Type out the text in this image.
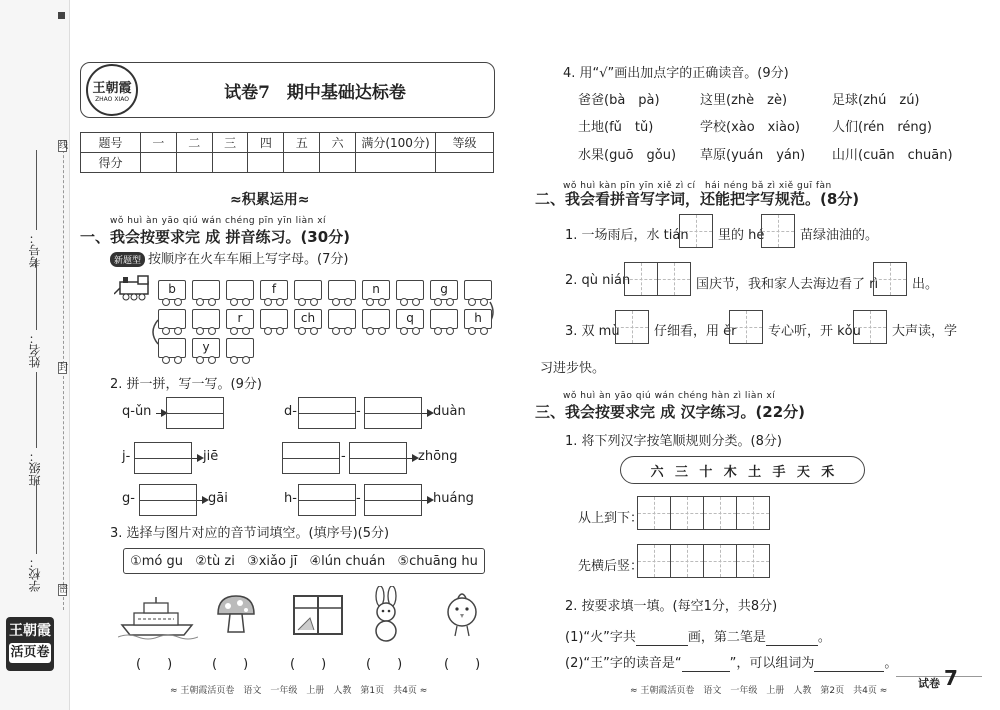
线
封
密
考号：
姓名：
班级：
学校：
王朝霞
活页卷
王朝霞
ZHAO XIAO	试卷7　期中基础达标卷
题号	一	二	三	四	五	六	满分(100分)	等级
得分								
≈积累运用≈
wǒ huì àn yāo qiú wán chéng pīn yīn liàn xí
一、我会按要求完 成 拼音练习。(30分)
新题型 按顺序在火车车厢上写字母。(7分)
b	f	n	g
r	ch	q	h
y
2. 拼一拼，写一写。(9分)
q-ǔn	d-	-	duàn
j-	jiē	-	zhōng
g-	gāi	h-	-	huáng
3. 选择与图片对应的音节词填空。(填序号)(5分)
①mó gu ②tù zi ③xiǎo jī ④lún chuán ⑤chuāng hu
(　　)	(　　)	(　　)	(　　)	(　　)
≈ 王朝霞活页卷　语文　一年级　上册　人教　第1页　共4页 ≈
4. 用“√”画出加点字的正确读音。(9分)
爸爸(bà　pà)	这里(zhè　zè)	足球(zhú　zú)
土地(fǔ　tǔ)	学校(xào　xiào) 人们(rén　réng)
水果(guō　gǒu) 草原(yuán　yán) 山川(cuān　chuān)
wǒ huì kàn pīn yīn xiě zì cí　hái néng bǎ zì xiě guī fàn
二、我会看拼音写字词，还能把字写规范。(8分)
1. 一场雨后，水 tián 里的 hé	苗绿油油的。
2. qù nián	国庆节，我和家人去海边看了 rì	出。
3. 双 mù	仔细看，用 ěr 专心听，开 kǒu 大声读，学
习进步快。
wǒ huì àn yāo qiú wán chéng hàn zì liàn xí
三、我会按要求完 成 汉字练习。(22分)
1. 将下列汉字按笔顺规则分类。(8分)
六 三 十 木 土 手 天 禾
从上到下：
先横后竖：
2. 按要求填一填。(每空1分，共8分)
(1)“火”字共	画，第二笔是	。
(2)“王”字的读音是“	”，可以组词为	。
≈ 王朝霞活页卷　语文　一年级　上册　人教　第2页　共4页 ≈
试卷 7
